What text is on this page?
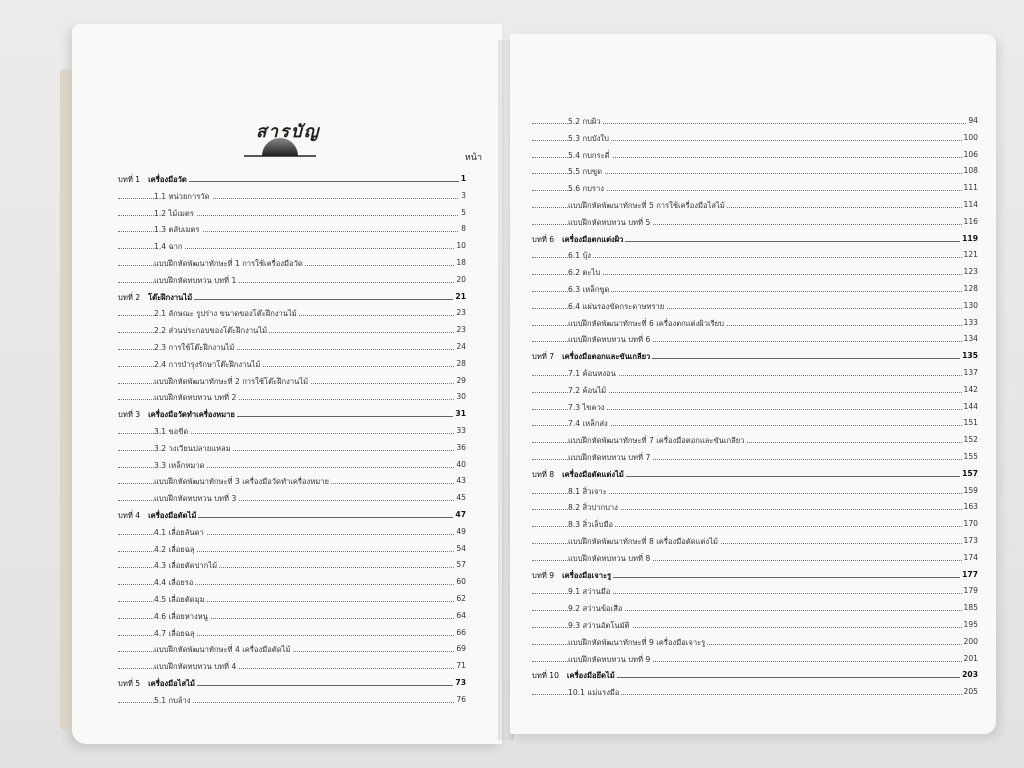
สารบัญ
หน้า
บทที่ 1 เครื่องมือวัด	1
1.1 หน่วยการวัด	3
1.2 ไม้เมตร	5
1.3 ตลับเมตร	8
1.4 ฉาก	10
แบบฝึกหัดพัฒนาทักษะที่ 1 การใช้เครื่องมือวัด	18
แบบฝึกหัดทบทวน บทที่ 1	20
บทที่ 2 โต๊ะฝึกงานไม้	21
2.1 ลักษณะ รูปร่าง ขนาดของโต๊ะฝึกงานไม้	23
2.2 ส่วนประกอบของโต๊ะฝึกงานไม้	23
2.3 การใช้โต๊ะฝึกงานไม้	24
2.4 การบำรุงรักษาโต๊ะฝึกงานไม้	28
แบบฝึกหัดพัฒนาทักษะที่ 2 การใช้โต๊ะฝึกงานไม้	29
แบบฝึกหัดทบทวน บทที่ 2	30
บทที่ 3 เครื่องมือวัดทำเครื่องหมาย	31
3.1 ขอขีด	33
3.2 วงเวียนปลายแหลม	36
3.3 เหล็กหมาด	40
แบบฝึกหัดพัฒนาทักษะที่ 3 เครื่องมือวัดทำเครื่องหมาย	43
แบบฝึกหัดทบทวน บทที่ 3	45
บทที่ 4 เครื่องมือตัดไม้	47
4.1 เลื่อยลันดา	49
4.2 เลื่อยฉลุ	54
4.3 เลื่อยตัดปากไม้	57
4.4 เลื่อยรอ	60
4.5 เลื่อยตัดมุม	62
4.6 เลื่อยหางหนู	64
4.7 เลื่อยฉลุ	66
แบบฝึกหัดพัฒนาทักษะที่ 4 เครื่องมือตัดไม้	69
แบบฝึกหัดทบทวน บทที่ 4	71
บทที่ 5 เครื่องมือไสไม้	73
5.1 กบล้าง	76
5.2 กบผิว	94
5.3 กบบังใบ	100
5.4 กบกระดี่	106
5.5 กบขูด	108
5.6 กบราง	111
แบบฝึกหัดพัฒนาทักษะที่ 5 การใช้เครื่องมือไสไม้	114
แบบฝึกหัดทบทวน บทที่ 5	116
บทที่ 6 เครื่องมือตกแต่งผิว	119
6.1 บุ้ง	121
6.2 ตะไบ	123
6.3 เหล็กขูด	128
6.4 แผ่นรองขัดกระดาษทราย	130
แบบฝึกหัดพัฒนาทักษะที่ 6 เครื่องตกแต่งผิวเรียบ	133
แบบฝึกหัดทบทวน บทที่ 6	134
บทที่ 7 เครื่องมือตอกและขันเกลียว	135
7.1 ค้อนหงอน	137
7.2 ค้อนไม้	142
7.3 ไขควง	144
7.4 เหล็กส่ง	151
แบบฝึกหัดพัฒนาทักษะที่ 7 เครื่องมือตอกและขันเกลียว	152
แบบฝึกหัดทบทวน บทที่ 7	155
บทที่ 8 เครื่องมือตัดแต่งไม้	157
8.1 สิ่วเจาะ	159
8.2 สิ่วปากบาง	163
8.3 สิ่วเล็บมือ	170
แบบฝึกหัดพัฒนาทักษะที่ 8 เครื่องมือตัดแต่งไม้	173
แบบฝึกหัดทบทวน บทที่ 8	174
บทที่ 9 เครื่องมือเจาะรู	177
9.1 สว่านมือ	179
9.2 สว่านข้อเสือ	185
9.3 สว่านอัตโนมัติ	195
แบบฝึกหัดพัฒนาทักษะที่ 9 เครื่องมือเจาะรู	200
แบบฝึกหัดทบทวน บทที่ 9	201
บทที่ 10 เครื่องมือยึดไม้	203
10.1 แม่แรงมือ	205
